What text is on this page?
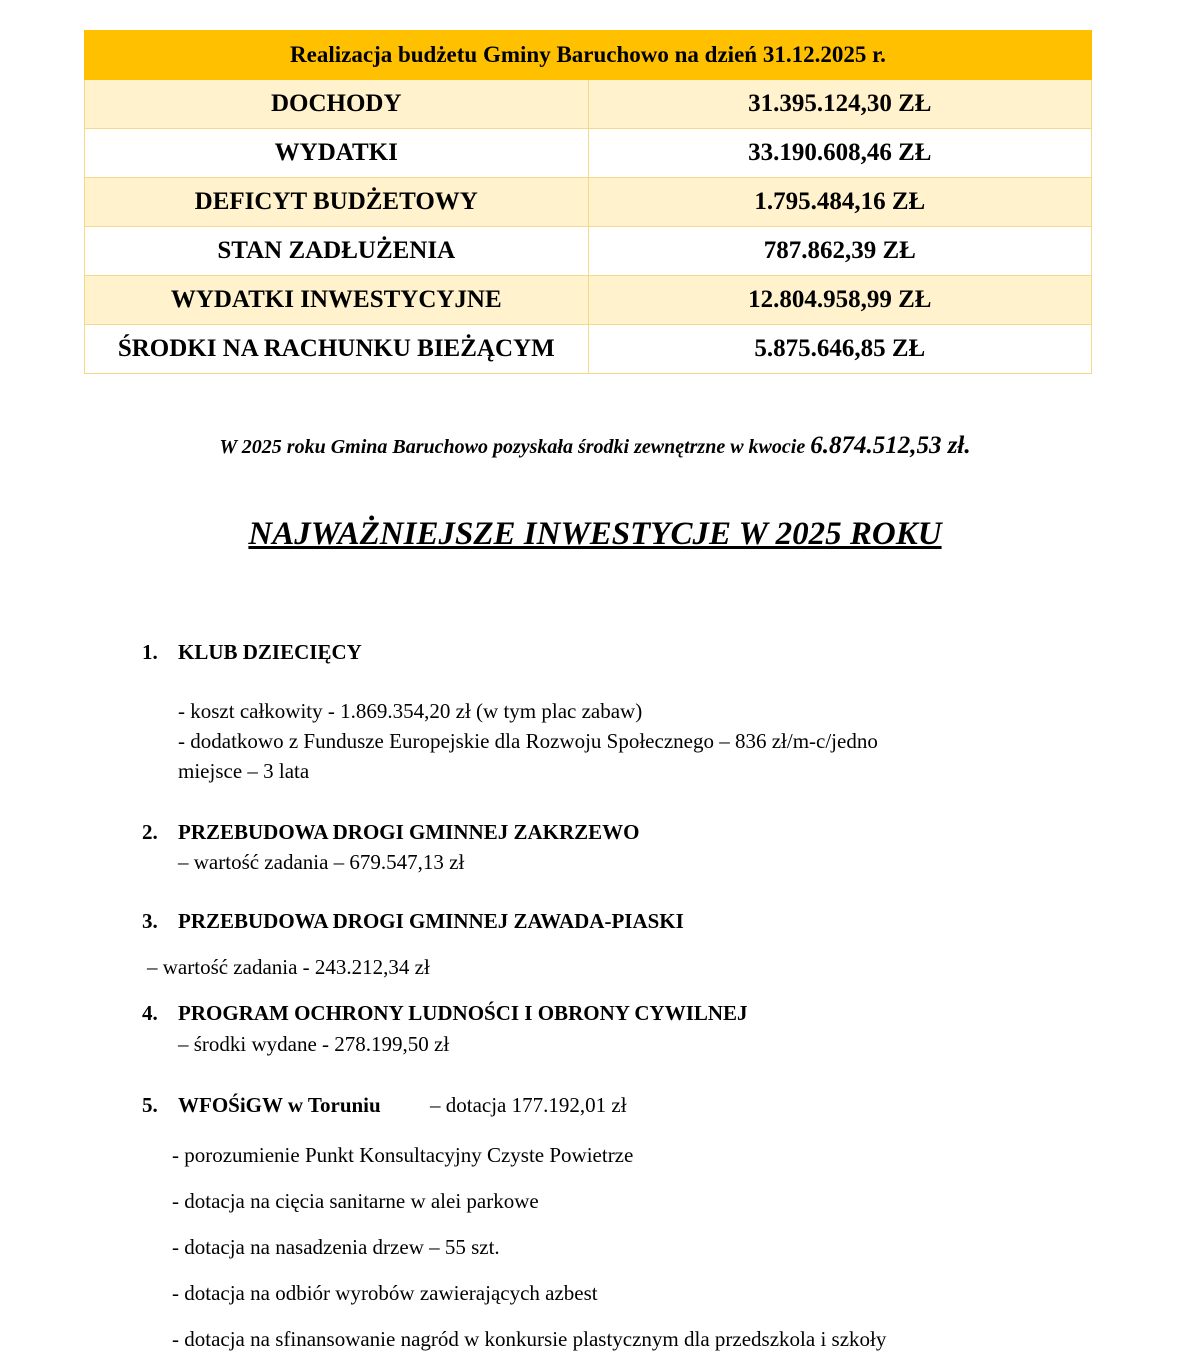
Realizacja budżetu Gminy Baruchowo na dzień 31.12.2025 r.	
DOCHODY	31.395.124,30 ZŁ
WYDATKI	33.190.608,46 ZŁ
DEFICYT BUDŻETOWY	1.795.484,16 ZŁ
STAN ZADŁUŻENIA	787.862,39 ZŁ
WYDATKI INWESTYCYJNE	12.804.958,99 ZŁ
ŚRODKI NA RACHUNKU BIEŻĄCYM	5.875.646,85 ZŁ
W 2025 roku Gmina Baruchowo pozyskała środki zewnętrzne w kwocie 6.874.512,53 zł.
NAJWAŻNIEJSZE INWESTYCJE W 2025 ROKU
1. KLUB DZIECIĘCY
- koszt całkowity - 1.869.354,20 zł (w tym plac zabaw)
- dodatkowo z Fundusze Europejskie dla Rozwoju Społecznego – 836 zł/m-c/jedno
miejsce – 3 lata
2. PRZEBUDOWA DROGI GMINNEJ ZAKRZEWO
– wartość zadania – 679.547,13 zł
3. PRZEBUDOWA DROGI GMINNEJ ZAWADA-PIASKI
– wartość zadania - 243.212,34 zł
4. PROGRAM OCHRONY LUDNOŚCI I OBRONY CYWILNEJ
– środki wydane - 278.199,50 zł
5. WFOŚiGW w Toruniu – dotacja 177.192,01 zł
- porozumienie Punkt Konsultacyjny Czyste Powietrze
- dotacja na cięcia sanitarne w alei parkowe
- dotacja na nasadzenia drzew – 55 szt.
- dotacja na odbiór wyrobów zawierających azbest
- dotacja na sfinansowanie nagród w konkursie plastycznym dla przedszkola i szkoły
